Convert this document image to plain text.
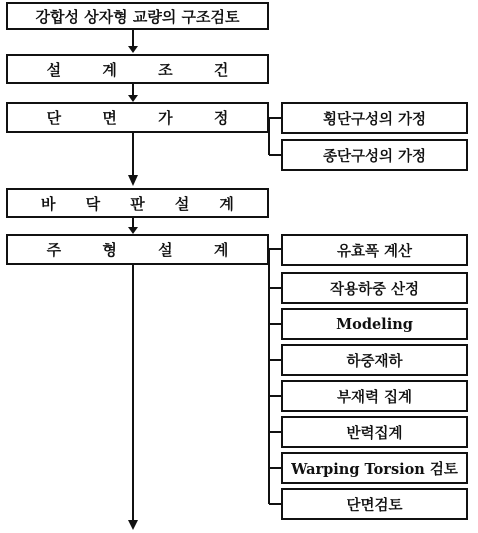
강합성 상자형 교량의 구조검토
설	계	조	건
단	면	가	정
바 닥 판 설 계
주	형	설	계
횡단구성의 가정
종단구성의 가정
유효폭 계산
작용하중 산정
Modeling
하중재하
부재력 집계
반력집계
Warping Torsion 검토
단면검토
